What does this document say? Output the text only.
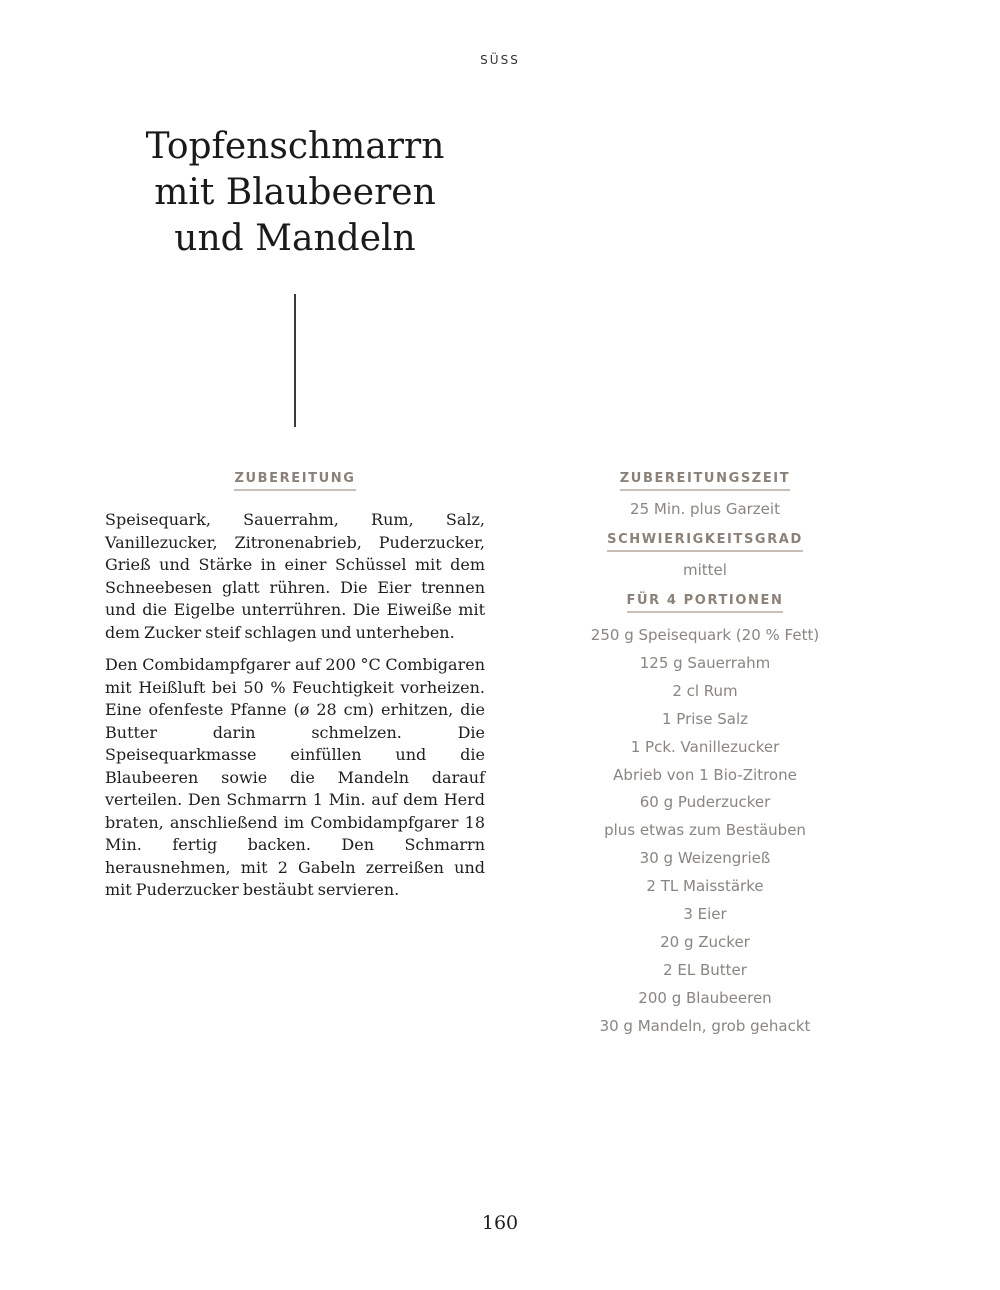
SÜSS
Topfenschmarrn
mit Blaubeeren
und Mandeln
ZUBEREITUNG

Speisequark, Sauerrahm, Rum, Salz, Vanillezucker, Zitronenabrieb, Puderzucker, Grieß und Stärke in einer Schüssel mit dem Schneebesen glatt rühren. Die Eier trennen und die Eigelbe unterrühren. Die Eiweiße mit dem Zucker steif schlagen und unterheben.

Den Combidampfgarer auf 200 °C Combigaren mit Heißluft bei 50 % Feuchtigkeit vorheizen. Eine ofenfeste Pfanne (ø 28 cm) erhitzen, die Butter darin schmelzen. Die Speisequarkmasse einfüllen und die Blaubeeren sowie die Mandeln darauf verteilen. Den Schmarrn 1 Min. auf dem Herd braten, anschließend im Combidampfgarer 18 Min. fertig backen. Den Schmarrn herausnehmen, mit 2 Gabeln zerreißen und mit Puderzucker bestäubt servieren.

ZUBEREITUNGSZEIT
25 Min. plus Garzeit
SCHWIERIGKEITSGRAD
mittel
FÜR 4 PORTIONEN
250 g Speisequark (20 % Fett)
125 g Sauerrahm
2 cl Rum
1 Prise Salz
1 Pck. Vanillezucker
Abrieb von 1 Bio-Zitrone
60 g Puderzucker
plus etwas zum Bestäuben
30 g Weizengrieß
2 TL Maisstärke
3 Eier
20 g Zucker
2 EL Butter
200 g Blaubeeren
30 g Mandeln, grob gehackt
160
